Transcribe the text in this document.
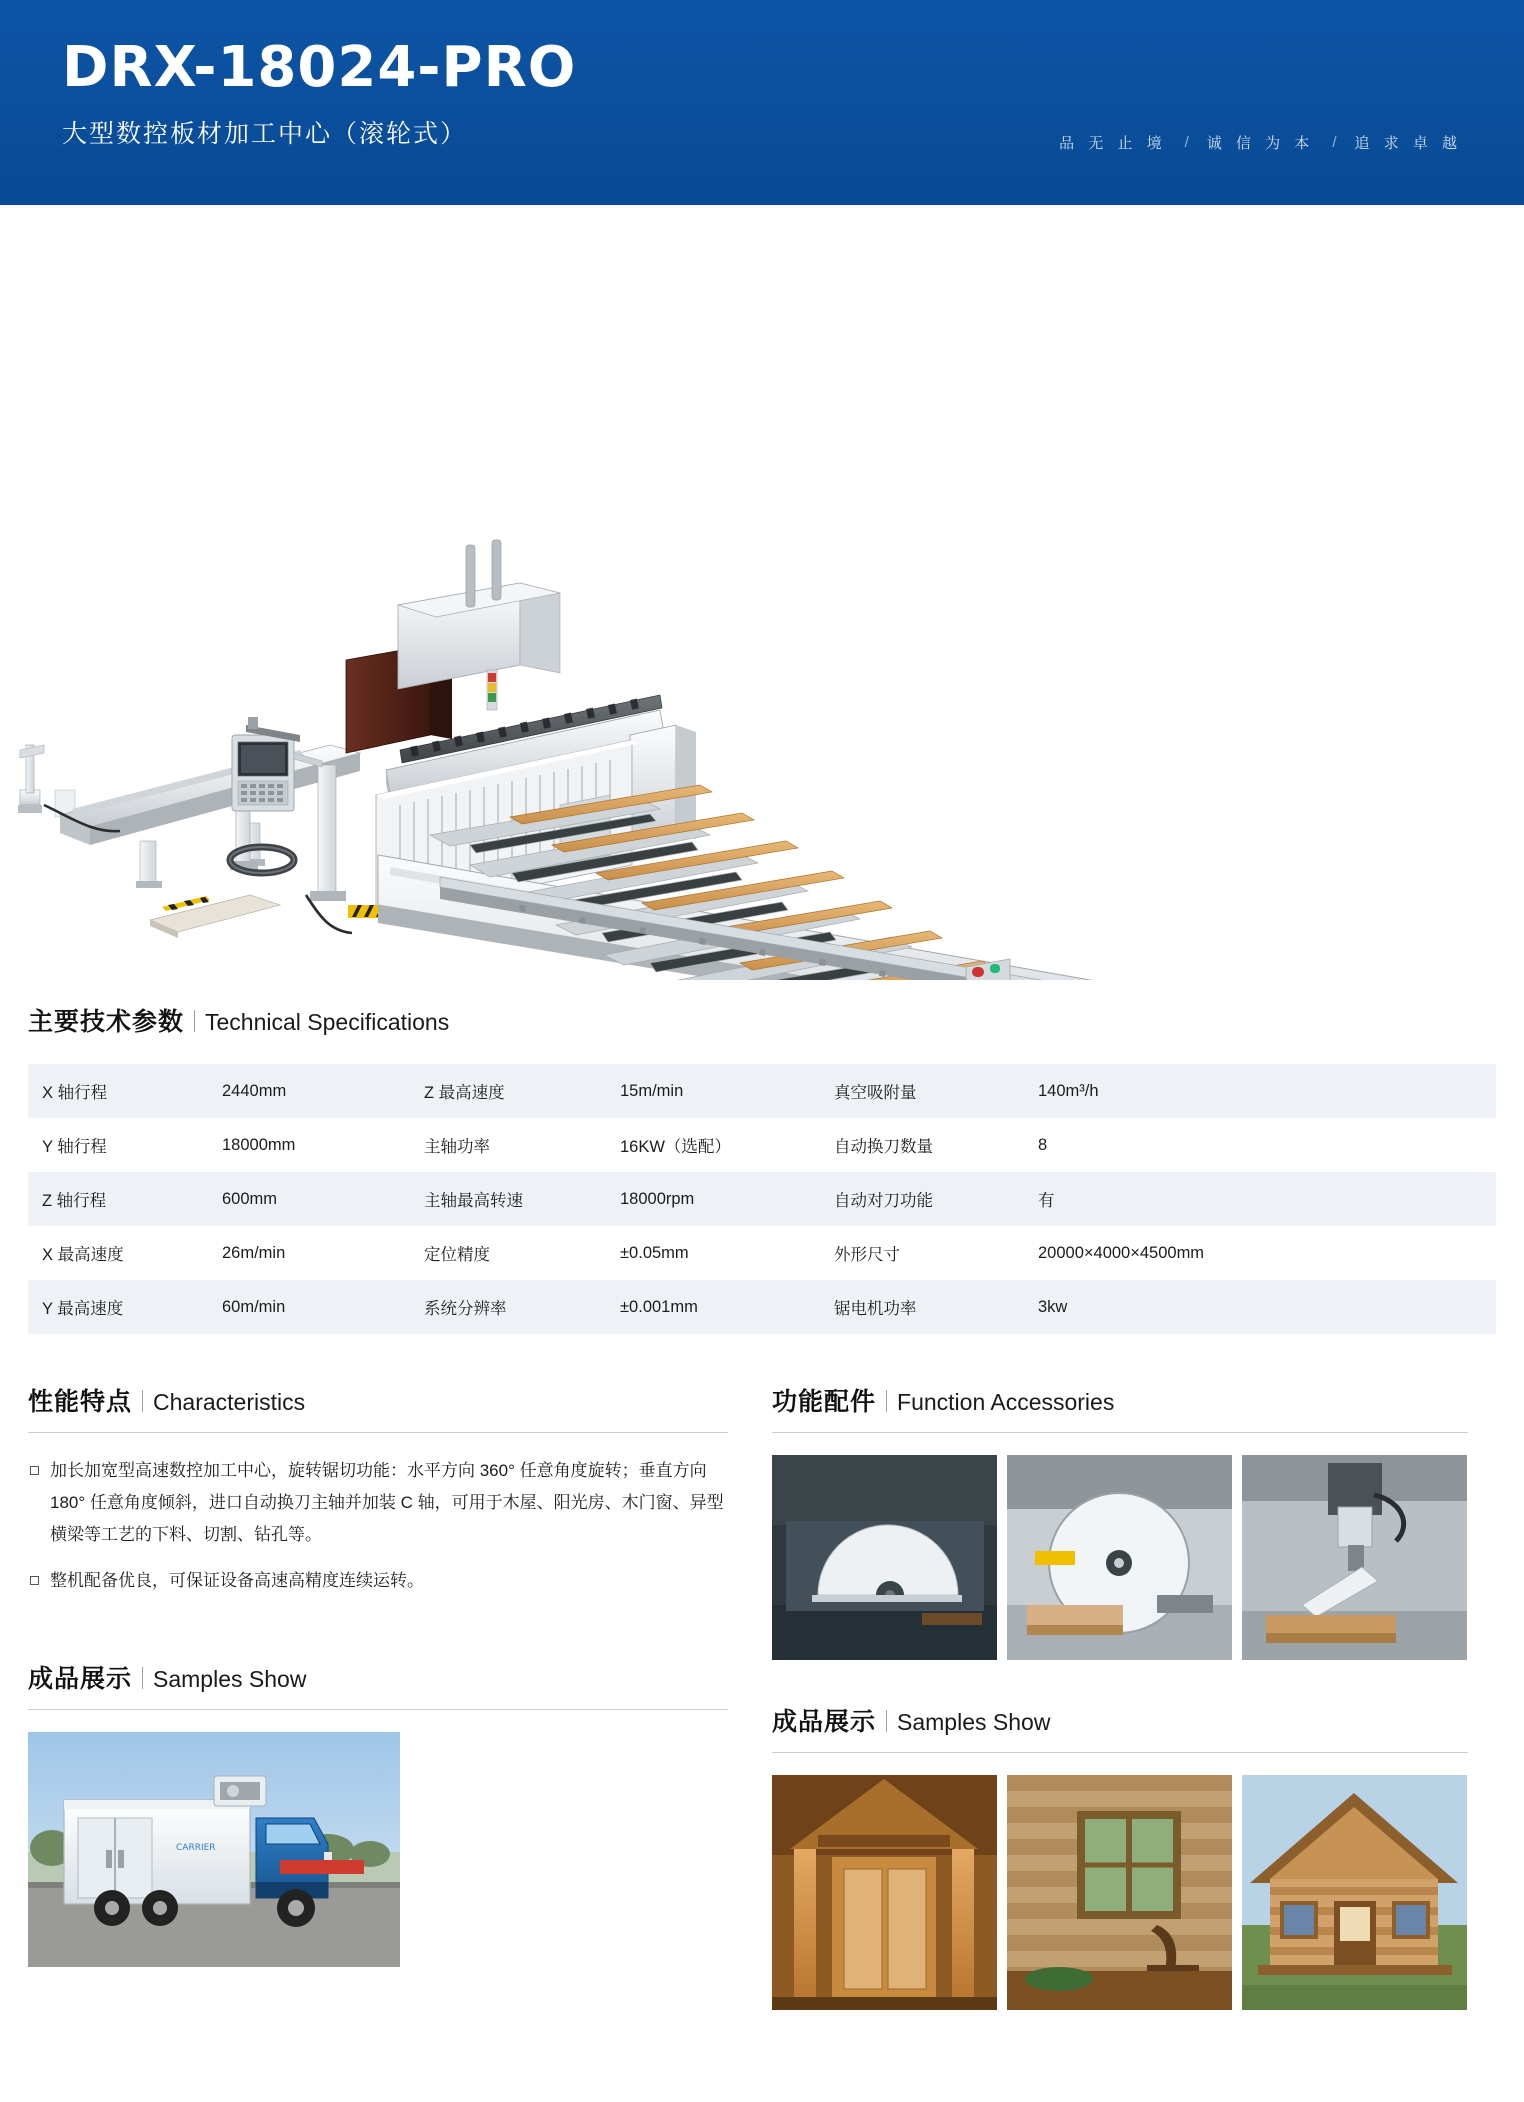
DRX-18024-PRO
大型数控板材加工中心（滚轮式）	品 无 止 境 / 诚 信 为 本 / 追 求 卓 越
主要技术参数 Technical Specifications
X 轴行程	2440mm	Z 最高速度	15m/min	真空吸附量	140m³/h
Y 轴行程	18000mm	主轴功率	16KW（选配）	自动换刀数量	8
Z 轴行程	600mm	主轴最高转速	18000rpm	自动对刀功能	有
X 最高速度	26m/min	定位精度	±0.05mm	外形尺寸	20000×4000×4500mm
Y 最高速度	60m/min	系统分辨率	±0.001mm	锯电机功率	3kw
性能特点 Characteristics
加长加宽型高速数控加工中心，旋转锯切功能：水平方向 360° 任意角度旋转；垂直方向 180° 任意角度倾斜，进口自动换刀主轴并加装 C 轴，可用于木屋、阳光房、木门窗、异型横梁等工艺的下料、切割、钻孔等。
整机配备优良，可保证设备高速高精度连续运转。
成品展示 Samples Show
CARRIER
功能配件 Function Accessories
成品展示 Samples Show
